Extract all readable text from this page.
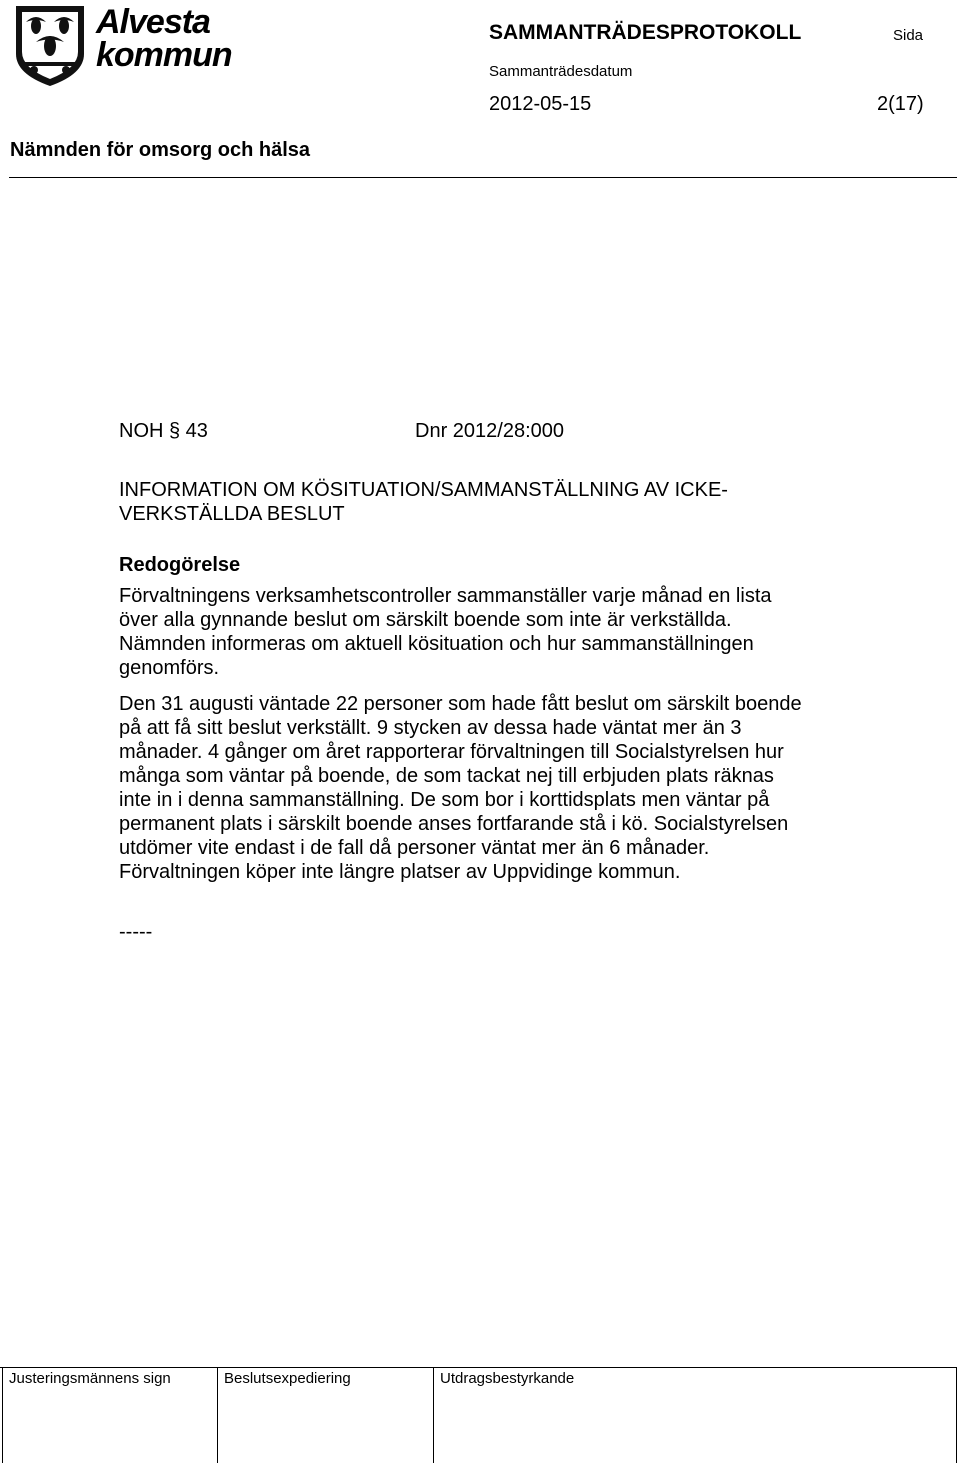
Alvesta
kommun
SAMMANTRÄDESPROTOKOLL	Sida
Sammanträdesdatum
2012-05-15	2(17)
Nämnden för omsorg och hälsa
NOH § 43	Dnr 2012/28:000
INFORMATION OM KÖSITUATION/SAMMANSTÄLLNING AV ICKE-VERKSTÄLLDA BESLUT
Redogörelse

Förvaltningens verksamhetscontroller sammanställer varje månad en lista över alla gynnande beslut om särskilt boende som inte är verkställda. Nämnden informeras om aktuell kösituation och hur sammanställningen genomförs.

Den 31 augusti väntade 22 personer som hade fått beslut om särskilt boende på att få sitt beslut verkställt. 9 stycken av dessa hade väntat mer än 3 månader. 4 gånger om året rapporterar förvaltningen till Socialstyrelsen hur många som väntar på boende, de som tackat nej till erbjuden plats räknas inte in i denna sammanställning. De som bor i korttidsplats men väntar på permanent plats i särskilt boende anses fortfarande stå i kö. Socialstyrelsen utdömer vite endast i de fall då personer väntat mer än 6 månader. Förvaltningen köper inte längre platser av Uppvidinge kommun.

-----
Justeringsmännens sign	Beslutsexpediering	Utdragsbestyrkande
